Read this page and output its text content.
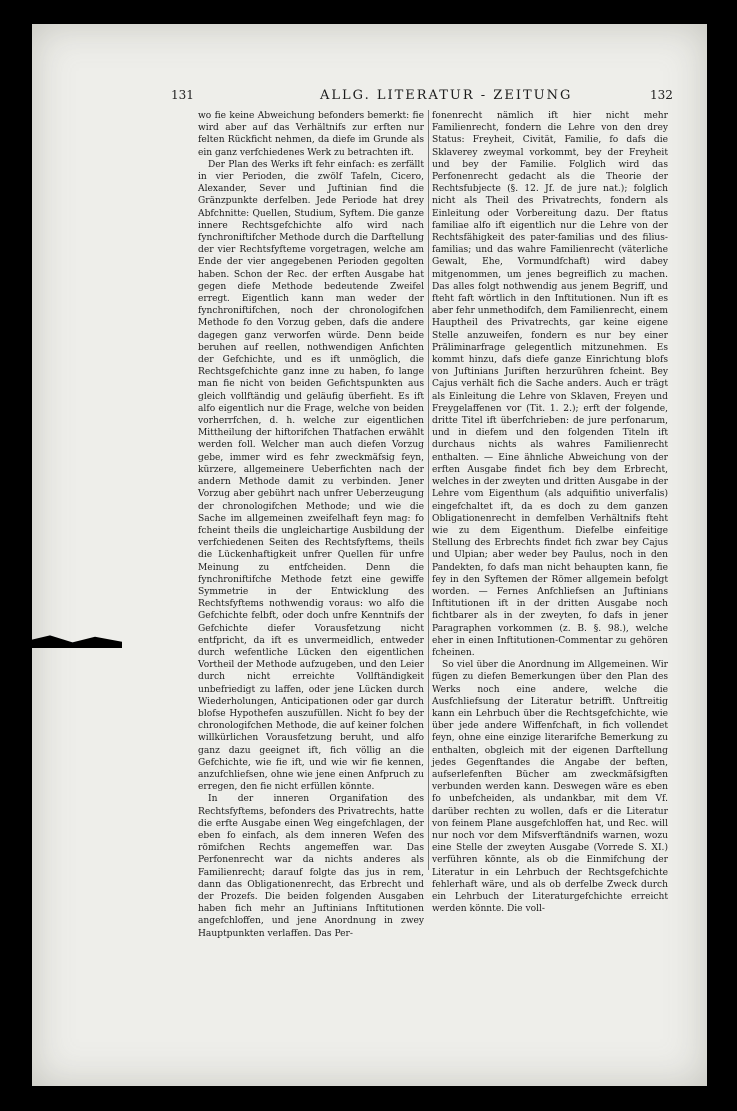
131	ALLG. LITERATUR - ZEITUNG	132

wo fie keine Abweichung befonders bemerkt: fie wird aber auf das Verhältnifs zur erften nur felten Rückficht nehmen, da diefe im Grunde als ein ganz verfchiedenes Werk zu betrachten ift.

Der Plan des Werks ift fehr einfach: es zerfällt in vier Perioden, die zwölf Tafeln, Cicero, Alexander, Sever und Juftinian find die Gränzpunkte derfelben. Jede Periode hat drey Abfchnitte: Quellen, Studium, Syftem. Die ganze innere Rechtsgefchichte alfo wird nach fynchroniftifcher Methode durch die Darftellung der vier Rechtsfyfteme vorgetragen, welche am Ende der vier angegebenen Perioden gegolten haben. Schon der Rec. der erften Ausgabe hat gegen diefe Methode bedeutende Zweifel erregt. Eigentlich kann man weder der fynchroniftifchen, noch der chronologifchen Methode fo den Vorzug geben, dafs die andere dagegen ganz verworfen würde. Denn beide beruhen auf reellen, nothwendigen Anfichten der Gefchichte, und es ift unmöglich, die Rechtsgefchichte ganz inne zu haben, fo lange man fie nicht von beiden Gefichtspunkten aus gleich vollftändig und geläufig überfieht. Es ift alfo eigentlich nur die Frage, welche von beiden vorherrfchen, d. h. welche zur eigentlichen Mittheilung der hiftorifchen Thatfachen erwählt werden foll. Welcher man auch diefen Vorzug gebe, immer wird es fehr zweckmäfsig feyn, kürzere, allgemeinere Ueberfichten nach der andern Methode damit zu verbinden. Jener Vorzug aber gebührt nach unfrer Ueberzeugung der chronologifchen Methode; und wie die Sache im allgemeinen zweifelhaft feyn mag: fo fcheint theils die ungleichartige Ausbildung der verfchiedenen Seiten des Rechtsfyftems, theils die Lückenhaftigkeit unfrer Quellen für unfre Meinung zu entfcheiden. Denn die fynchroniftifche Methode fetzt eine gewiffe Symmetrie in der Entwicklung des Rechtsfyftems nothwendig voraus: wo alfo die Gefchichte felbft, oder doch unfre Kenntnifs der Gefchichte diefer Vorausfetzung nicht entfpricht, da ift es unvermeidlich, entweder durch wefentliche Lücken den eigentlichen Vortheil der Methode aufzugeben, und den Leier durch nicht erreichte Vollftändigkeit unbefriedigt zu laffen, oder jene Lücken durch Wiederholungen, Anticipationen oder gar durch blofse Hypothefen auszufüllen. Nicht fo bey der chronologifchen Methode, die auf keiner folchen willkürlichen Vorausfetzung beruht, und alfo ganz dazu geeignet ift, fich völlig an die Gefchichte, wie fie ift, und wie wir fie kennen, anzufchliefsen, ohne wie jene einen Anfpruch zu erregen, den fie nicht erfüllen könnte.

In der inneren Organifation des Rechtsfyftems, befonders des Privatrechts, hatte die erfte Ausgabe einen Weg eingefchlagen, der eben fo einfach, als dem inneren Wefen des römifchen Rechts angemeffen war. Das Perfonenrecht war da nichts anderes als Familienrecht; darauf folgte das jus in rem, dann das Obligationenrecht, das Erbrecht und der Prozefs. Die beiden folgenden Ausgaben haben fich mehr an Juftinians Inftitutionen angefchloffen, und jene Anordnung in zwey Hauptpunkten verlaffen. Das Per-

fonenrecht nämlich ift hier nicht mehr Familienrecht, fondern die Lehre von den drey Status: Freyheit, Civität, Familie, fo dafs die Sklaverey zweymal vorkommt, bey der Freyheit und bey der Familie. Folglich wird das Perfonenrecht gedacht als die Theorie der Rechtsfubjecte (§. 12. Jf. de jure nat.); folglich nicht als Theil des Privatrechts, fondern als Einleitung oder Vorbereitung dazu. Der ftatus familiae alfo ift eigentlich nur die Lehre von der Rechtsfähigkeit des pater-familias und des filius-familias; und das wahre Familienrecht (väterliche Gewalt, Ehe, Vormundfchaft) wird dabey mitgenommen, um jenes begreiflich zu machen. Das alles folgt nothwendig aus jenem Begriff, und fteht faft wörtlich in den Inftitutionen. Nun ift es aber fehr unmethodifch, dem Familienrecht, einem Hauptheil des Privatrechts, gar keine eigene Stelle anzuweifen, fondern es nur bey einer Präliminarfrage gelegentlich mitzunehmen. Es kommt hinzu, dafs diefe ganze Einrichtung blofs von Juftinians Juriften herzurühren fcheint. Bey Cajus verhält fich die Sache anders. Auch er trägt als Einleitung die Lehre von Sklaven, Freyen und Freygelaffenen vor (Tit. 1. 2.); erft der folgende, dritte Titel ift überfchrieben: de jure perfonarum, und in diefem und den folgenden Titeln ift durchaus nichts als wahres Familienrecht enthalten. — Eine ähnliche Abweichung von der erften Ausgabe findet fich bey dem Erbrecht, welches in der zweyten und dritten Ausgabe in der Lehre vom Eigenthum (als adquifitio univerfalis) eingefchaltet ift, da es doch zu dem ganzen Obligationenrecht in demfelben Verhältnifs fteht wie zu dem Eigenthum. Diefelbe einfeitige Stellung des Erbrechts findet fich zwar bey Cajus und Ulpian; aber weder bey Paulus, noch in den Pandekten, fo dafs man nicht behaupten kann, fie fey in den Syftemen der Römer allgemein befolgt worden. — Fernes Anfchliefsen an Juftinians Inftitutionen ift in der dritten Ausgabe noch fichtbarer als in der zweyten, fo dafs in jener Paragraphen vorkommen (z. B. §. 98.), welche eher in einen Inftitutionen-Commentar zu gehören fcheinen.

So viel über die Anordnung im Allgemeinen. Wir fügen zu diefen Bemerkungen über den Plan des Werks noch eine andere, welche die Ausfchliefsung der Literatur betrifft. Unftreitig kann ein Lehrbuch über die Rechtsgefchichte, wie über jede andere Wiffenfchaft, in fich vollendet feyn, ohne eine einzige literarifche Bemerkung zu enthalten, obgleich mit der eigenen Darftellung jedes Gegenftandes die Angabe der beften, aufserlefenften Bücher am zweckmäfsigften verbunden werden kann. Deswegen wäre es eben fo unbefcheiden, als undankbar, mit dem Vf. darüber rechten zu wollen, dafs er die Literatur von feinem Plane ausgefchloffen hat, und Rec. will nur noch vor dem Mifsverftändnifs warnen, wozu eine Stelle der zweyten Ausgabe (Vorrede S. XI.) verführen könnte, als ob die Einmifchung der Literatur in ein Lehrbuch der Rechtsgefchichte fehlerhaft wäre, und als ob derfelbe Zweck durch ein Lehrbuch der Literaturgefchichte erreicht werden könnte. Die voll-
